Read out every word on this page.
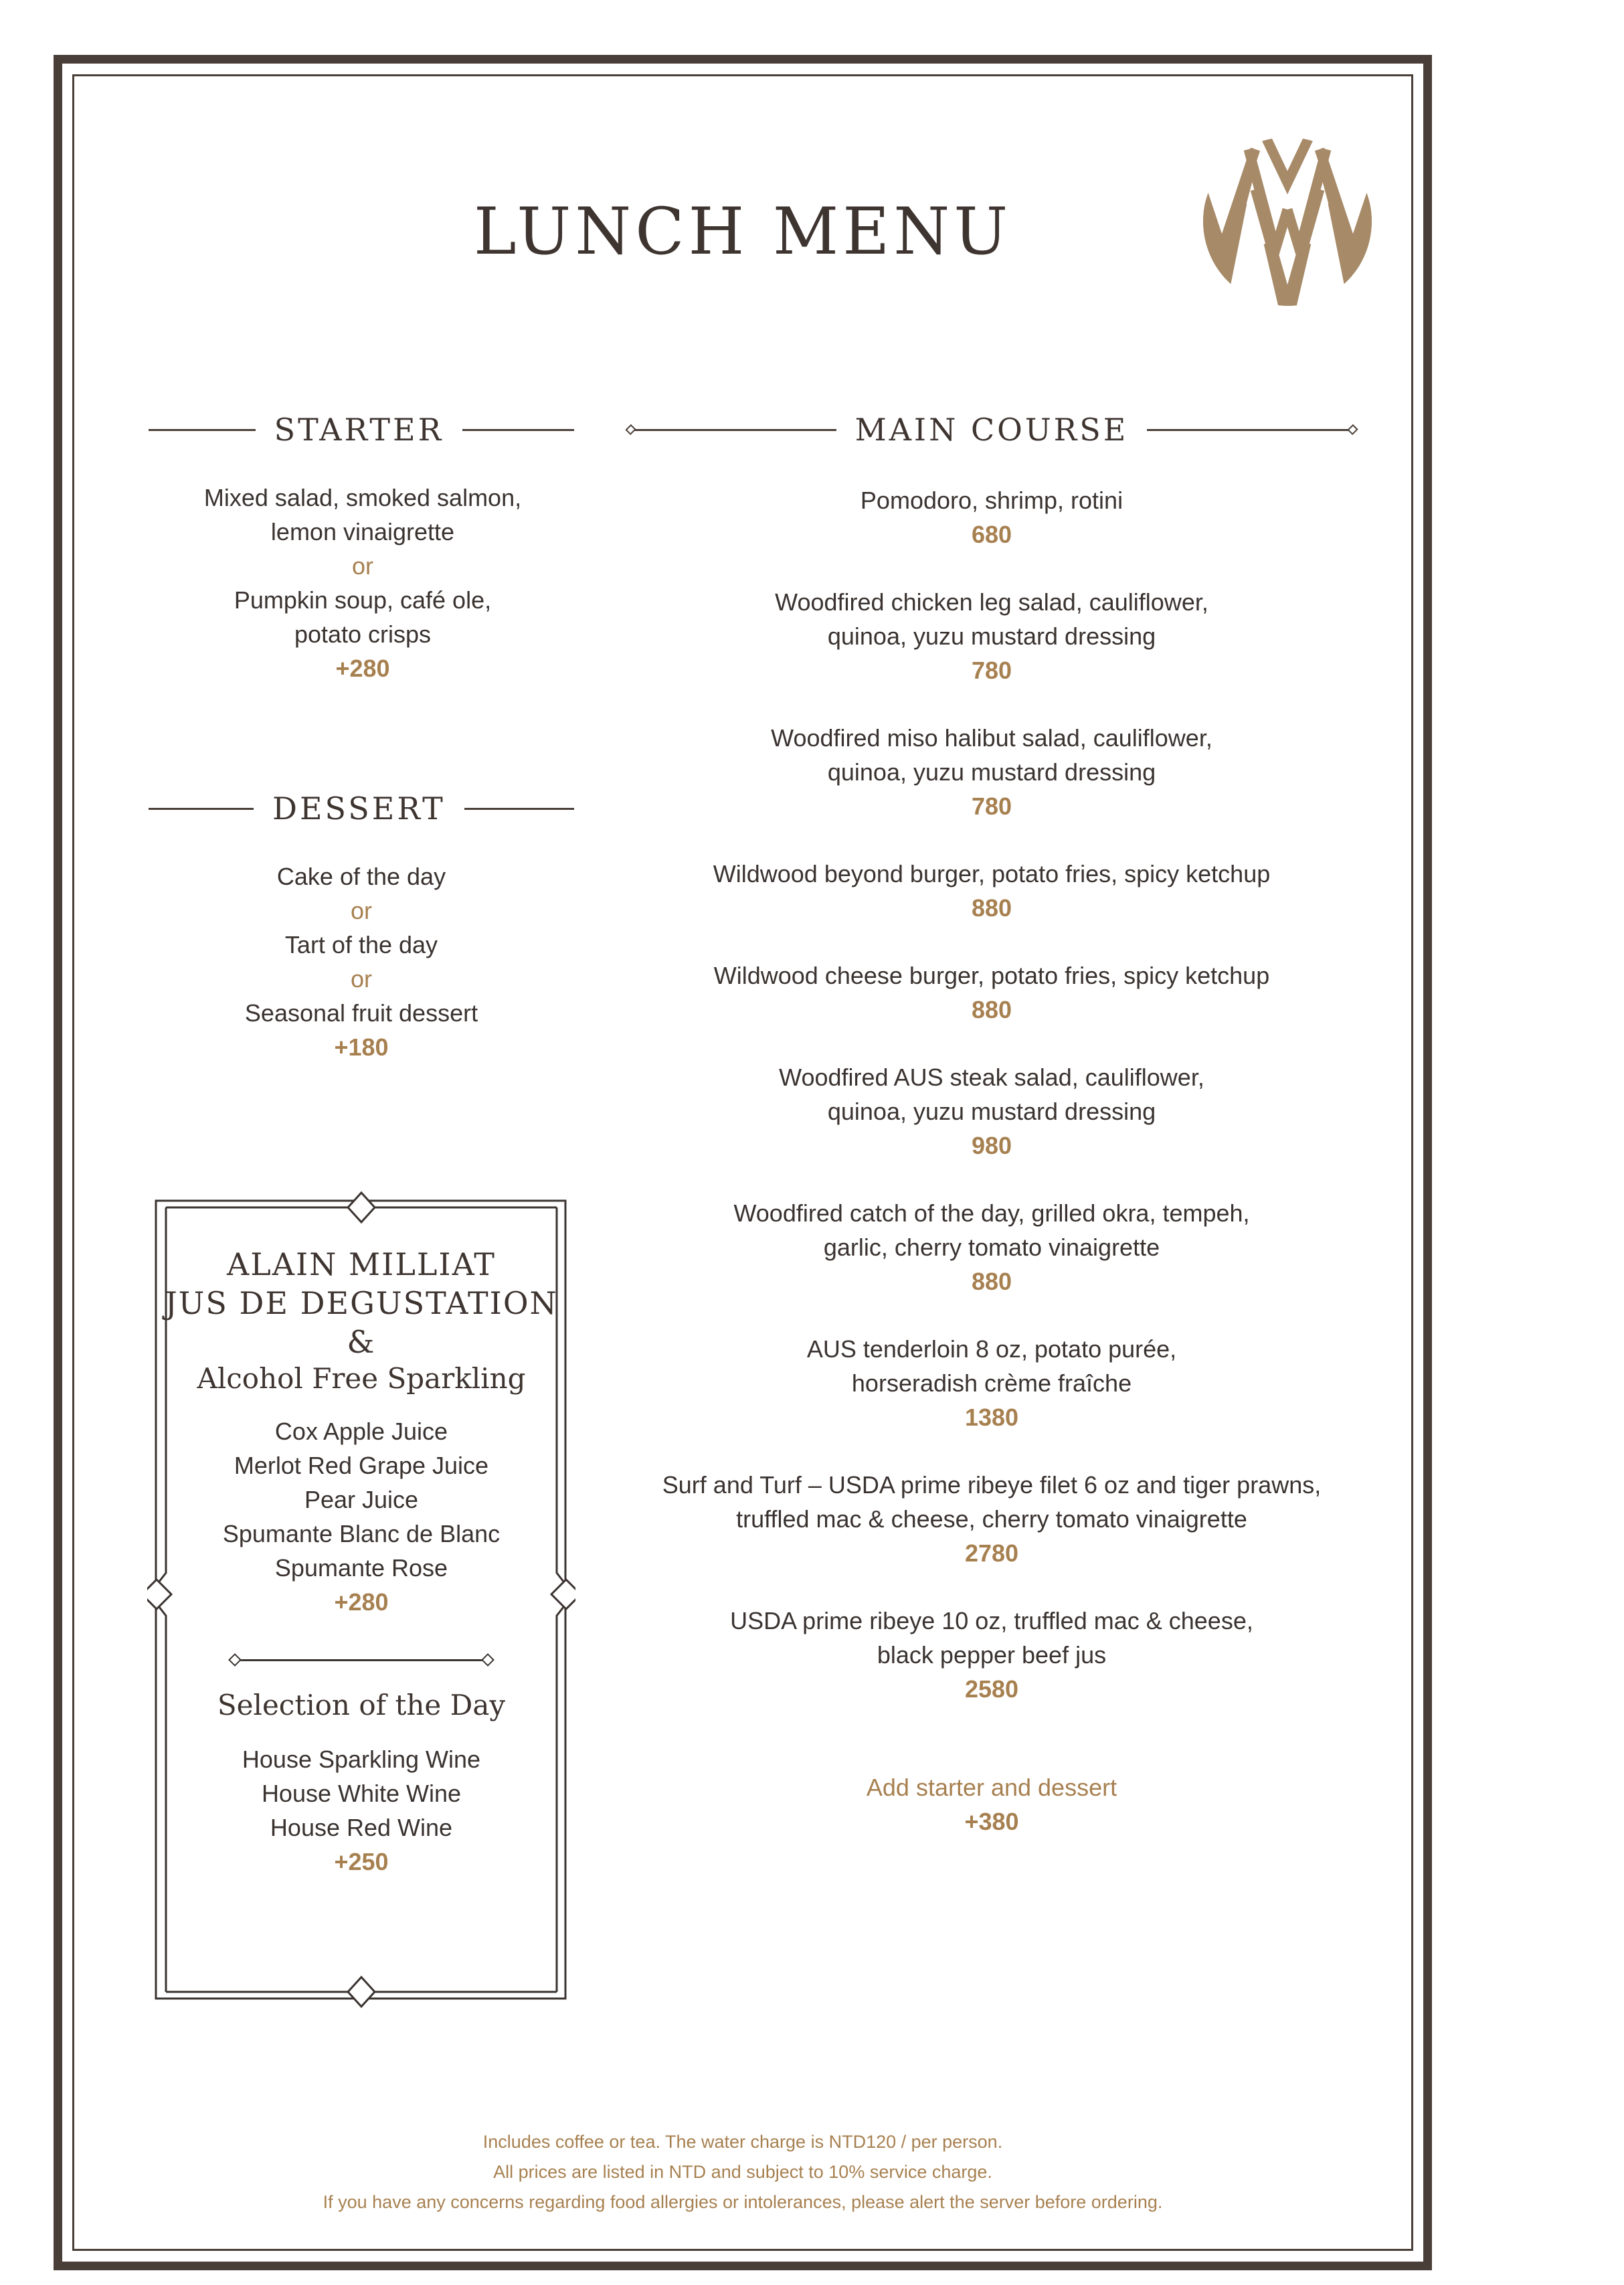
LUNCH MENU
STARTER	MAIN COURSE
Mixed salad, smoked salmon,
lemon vinaigrette
or
Pumpkin soup, café ole,
potato crisps
+280
DESSERT
Cake of the day
or
Tart of the day
or
Seasonal fruit dessert
+180
ALAIN MILLIAT
JUS DE DEGUSTATION
&
Alcohol Free Sparkling
Cox Apple Juice
Merlot Red Grape Juice
Pear Juice
Spumante Blanc de Blanc
Spumante Rose
+280
Selection of the Day
House Sparkling Wine
House White Wine
House Red Wine
+250
Pomodoro, shrimp, rotini
680
Woodfired chicken leg salad, cauliflower,
quinoa, yuzu mustard dressing
780
Woodfired miso halibut salad, cauliflower,
quinoa, yuzu mustard dressing
780
Wildwood beyond burger, potato fries, spicy ketchup
880
Wildwood cheese burger, potato fries, spicy ketchup
880
Woodfired AUS steak salad, cauliflower,
quinoa, yuzu mustard dressing
980
Woodfired catch of the day, grilled okra, tempeh,
garlic, cherry tomato vinaigrette
880
AUS tenderloin 8 oz, potato purée,
horseradish crème fraîche
1380
Surf and Turf – USDA prime ribeye filet 6 oz and tiger prawns,
truffled mac & cheese, cherry tomato vinaigrette
2780
USDA prime ribeye 10 oz, truffled mac & cheese,
black pepper beef jus
2580
Add starter and dessert
+380
Includes coffee or tea. The water charge is NTD120 / per person.
All prices are listed in NTD and subject to 10% service charge.
If you have any concerns regarding food allergies or intolerances, please alert the server before ordering.
